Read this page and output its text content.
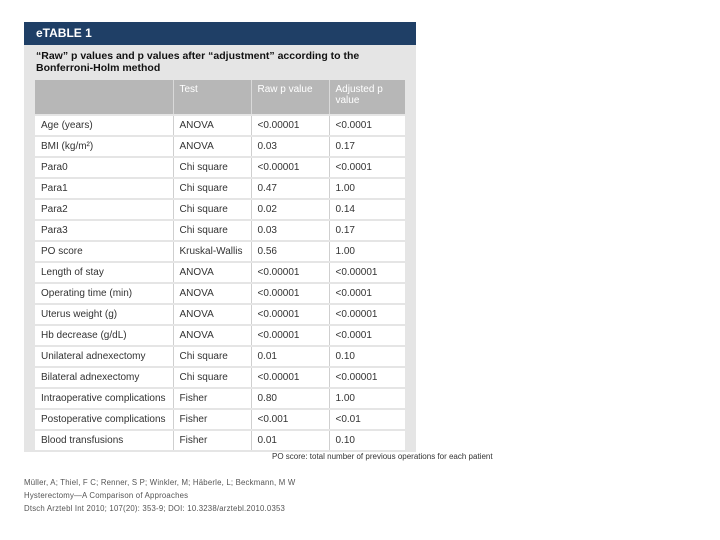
eTABLE 1
“Raw” p values and p values after “adjustment” according to the Bonferroni-Holm method
	Test	Raw p value	Adjusted p value
Age (years)	ANOVA	<0.00001	<0.0001
BMI (kg/m²)	ANOVA	0.03	0.17
Para0	Chi square	<0.00001	<0.0001
Para1	Chi square	0.47	1.00
Para2	Chi square	0.02	0.14
Para3	Chi square	0.03	0.17
PO score	Kruskal-Wallis	0.56	1.00
Length of stay	ANOVA	<0.00001	<0.00001
Operating time (min)	ANOVA	<0.00001	<0.0001
Uterus weight (g)	ANOVA	<0.00001	<0.00001
Hb decrease (g/dL)	ANOVA	<0.00001	<0.0001
Unilateral adnexectomy	Chi square	0.01	0.10
Bilateral adnexectomy	Chi square	<0.00001	<0.00001
Intraoperative complications	Fisher	0.80	1.00
Postoperative complications	Fisher	<0.001	<0.01
Blood transfusions	Fisher	0.01	0.10
PO score: total number of previous operations for each patient
Müller, A; Thiel, F C; Renner, S P; Winkler, M; Häberle, L; Beckmann, M W
Hysterectomy—A Comparison of Approaches
Dtsch Arztebl Int 2010; 107(20): 353-9; DOI: 10.3238/arztebl.2010.0353
